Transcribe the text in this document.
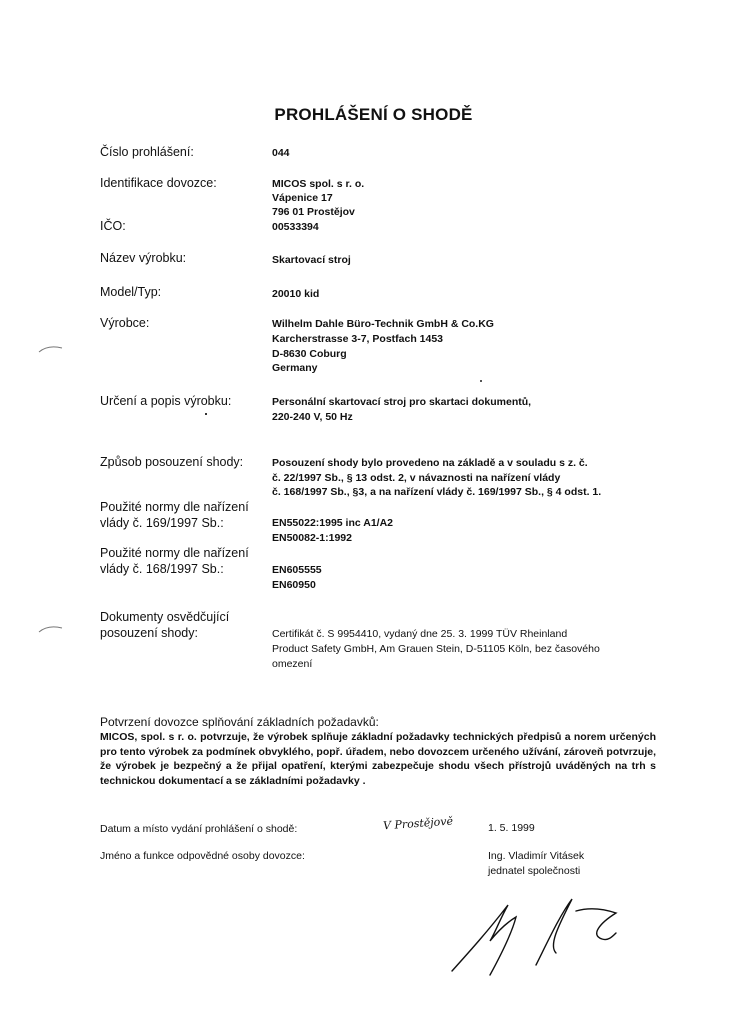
PROHLÁŠENÍ O SHODĚ
Číslo prohlášení:	044
Identifikace dovozce:	MICOS spol. s r. o.
Vápenice 17
796 01 Prostějov
IČO:	00533394
Název výrobku:	Skartovací stroj
Model/Typ:	20010 kid
Výrobce:	Wilhelm Dahle Büro-Technik GmbH & Co.KG
Karcherstrasse 3-7, Postfach 1453
D-8630 Coburg
Germany
Určení a popis výrobku:	Personální skartovací stroj pro skartaci dokumentů,
220-240 V, 50 Hz
Způsob posouzení shody:	Posouzení shody bylo provedeno na základě a v souladu s z. č.
č. 22/1997 Sb., § 13 odst. 2, v návaznosti na nařízení vlády
č. 168/1997 Sb., §3, a na nařízení vlády č. 169/1997 Sb., § 4 odst. 1.
Použité normy dle nařízení
vlády č. 169/1997 Sb.:	EN55022:1995 inc A1/A2
EN50082-1:1992
Použité normy dle nařízení
vlády č. 168/1997 Sb.:	EN605555
EN60950
Dokumenty osvědčující
posouzení shody:	Certifikát č. S 9954410, vydaný dne 25. 3. 1999 TÜV Rheinland
Product Safety GmbH, Am Grauen Stein, D-51105 Köln, bez časového
omezení
Potvrzení dovozce splňování základních požadavků:
MICOS, spol. s r. o. potvrzuje, že výrobek splňuje základní požadavky technických předpisů a norem určených pro tento výrobek za podmínek obvyklého, popř. úřadem, nebo dovozcem určeného užívání, zároveň potvrzuje, že výrobek je bezpečný a že přijal opatření, kterými zabezpečuje shodu všech přístrojů uváděných na trh s technickou dokumentací a se základními požadavky .
Datum a místo vydání prohlášení o shodě:	V Prostějově	1. 5. 1999
Jméno a funkce odpovědné osoby dovozce:	Ing. Vladimír Vitásek
jednatel společnosti
